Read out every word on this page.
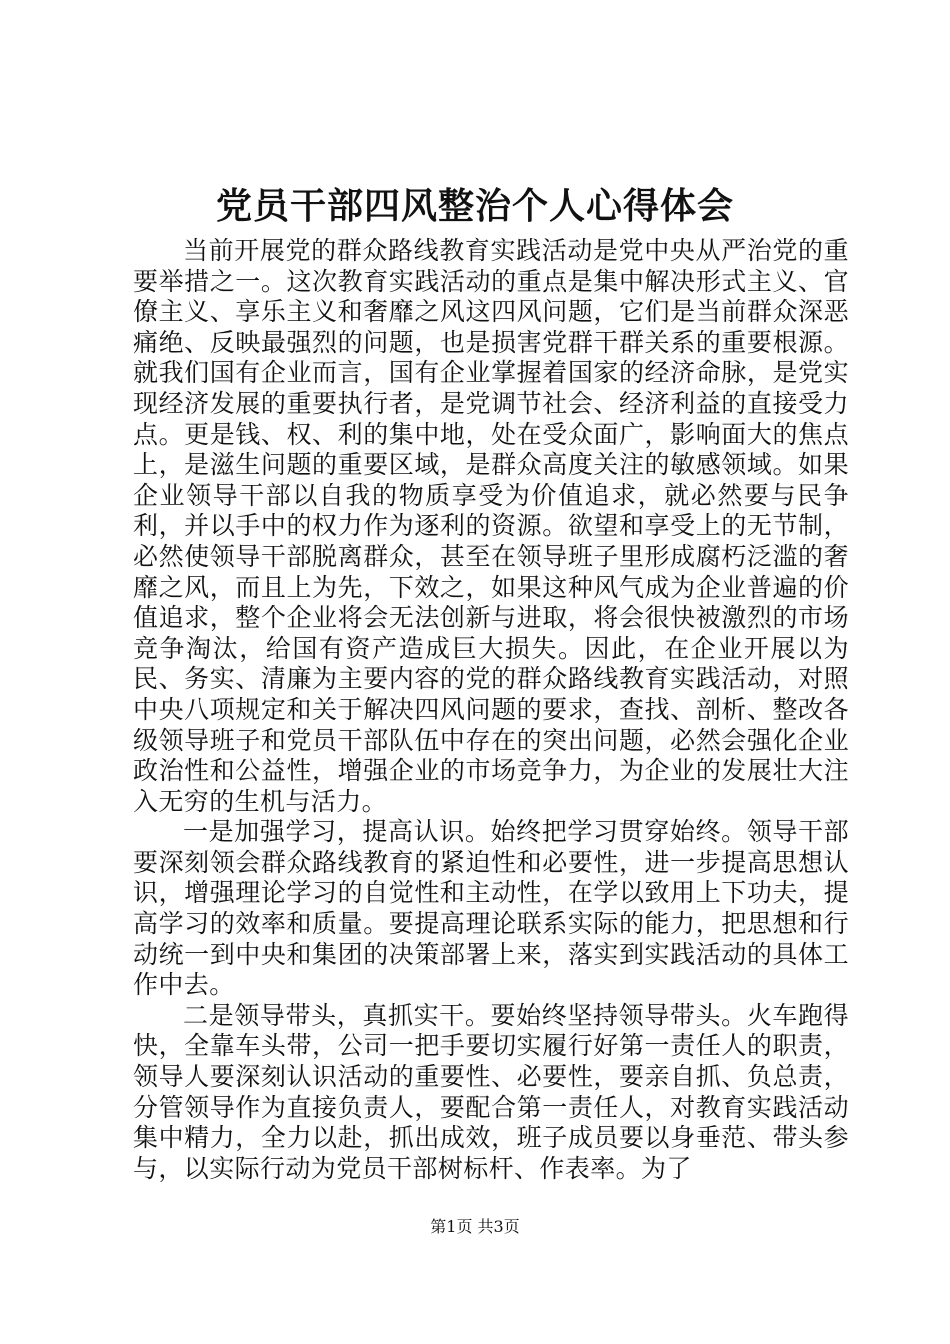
党员干部四风整治个人心得体会

当前开展党的群众路线教育实践活动是党中央从严治党的重要举措之一。这次教育实践活动的重点是集中解决形式主义、官僚主义、享乐主义和奢靡之风这四风问题，它们是当前群众深恶痛绝、反映最强烈的问题，也是损害党群干群关系的重要根源。就我们国有企业而言，国有企业掌握着国家的经济命脉，是党实现经济发展的重要执行者，是党调节社会、经济利益的直接受力点。更是钱、权、利的集中地，处在受众面广，影响面大的焦点上，是滋生问题的重要区域，是群众高度关注的敏感领域。如果企业领导干部以自我的物质享受为价值追求，就必然要与民争利，并以手中的权力作为逐利的资源。欲望和享受上的无节制，必然使领导干部脱离群众，甚至在领导班子里形成腐朽泛滥的奢靡之风，而且上为先，下效之，如果这种风气成为企业普遍的价值追求，整个企业将会无法创新与进取，将会很快被激烈的市场竞争淘汰，给国有资产造成巨大损失。因此，在企业开展以为民、务实、清廉为主要内容的党的群众路线教育实践活动，对照中央八项规定和关于解决四风问题的要求，查找、剖析、整改各级领导班子和党员干部队伍中存在的突出问题，必然会强化企业政治性和公益性，增强企业的市场竞争力，为企业的发展壮大注入无穷的生机与活力。

一是加强学习，提高认识。始终把学习贯穿始终。领导干部要深刻领会群众路线教育的紧迫性和必要性，进一步提高思想认识，增强理论学习的自觉性和主动性，在学以致用上下功夫，提高学习的效率和质量。要提高理论联系实际的能力，把思想和行动统一到中央和集团的决策部署上来，落实到实践活动的具体工作中去。

二是领导带头，真抓实干。要始终坚持领导带头。火车跑得快，全靠车头带，公司一把手要切实履行好第一责任人的职责，领导人要深刻认识活动的重要性、必要性，要亲自抓、负总责，分管领导作为直接负责人，要配合第一责任人，对教育实践活动集中精力，全力以赴，抓出成效，班子成员要以身垂范、带头参与，以实际行动为党员干部树标杆、作表率。为了

第1页 共3页
